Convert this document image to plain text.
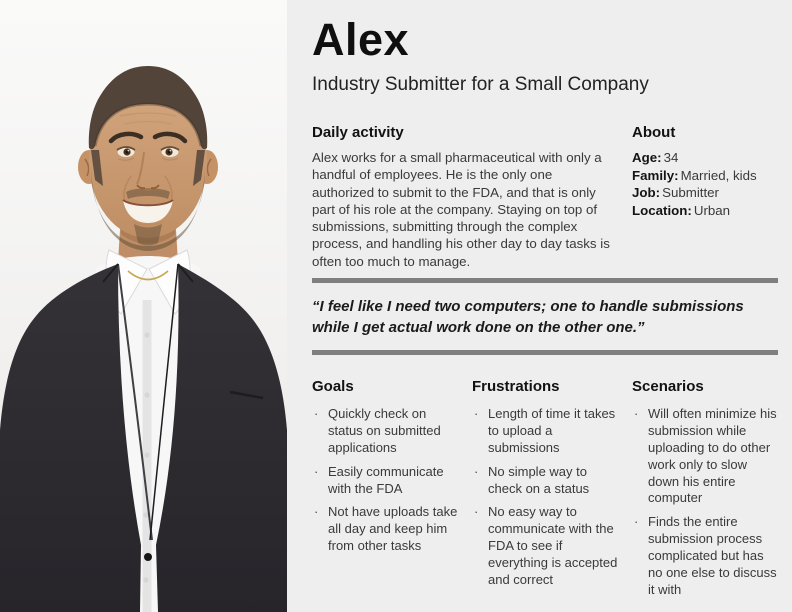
Alex
Industry Submitter for a Small Company
Daily activity

Alex works for a small pharmaceutical with only a handful of employees. He is the only one authorized to submit to the FDA, and that is only part of his role at the company. Staying on top of submissions, submitting through the complex process, and handling his other day to day tasks is often too much to manage.

About
Age: 34
Family: Married, kids
Job: Submitter
Location: Urban
“I feel like I need two computers; one to handle submissions while I get actual work done on the other one.”
Goals
· Quickly check on status on submitted applications
· Easily communicate with the FDA
· Not have uploads take all day and keep him from other tasks
Frustrations
· Length of time it takes to upload a submissions
· No simple way to check on a status
· No easy way to communicate with the FDA to see if everything is accepted and correct
Scenarios
· Will often minimize his submission while uploading to do other work only to slow down his entire computer
· Finds the entire submission process complicated but has no one else to discuss it with
